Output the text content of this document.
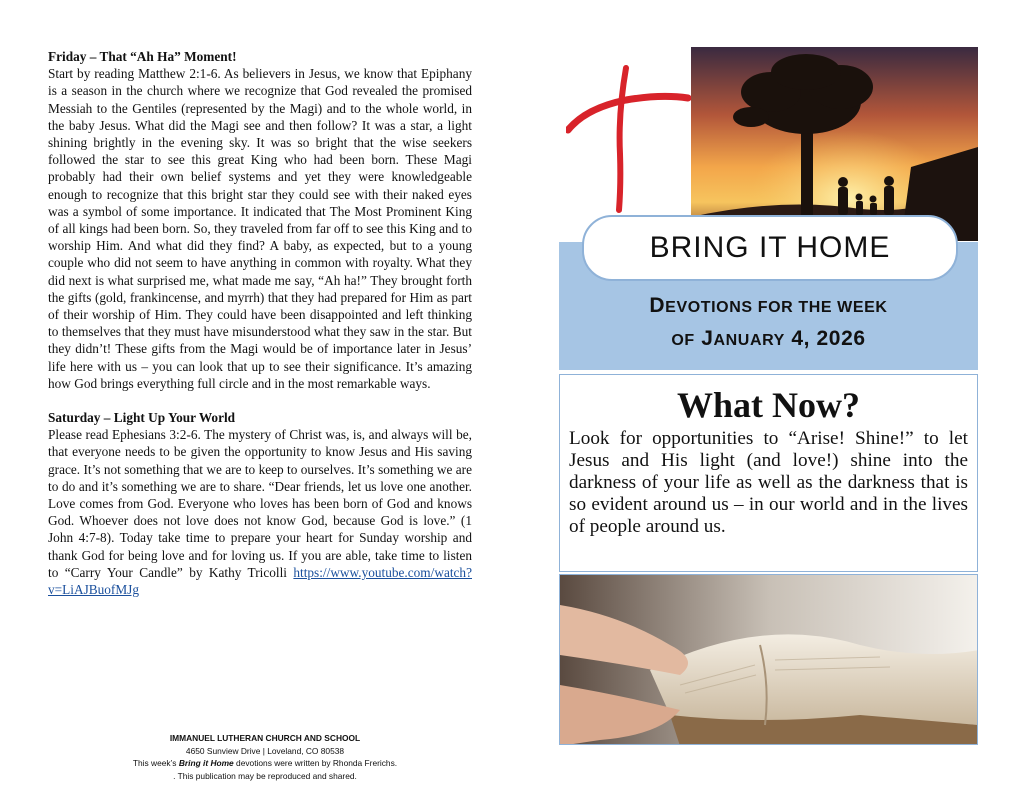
Friday – That “Ah Ha” Moment!

Start by reading Matthew 2:1-6. As believers in Jesus, we know that Epiphany is a season in the church where we recognize that God revealed the promised Messiah to the Gentiles (represented by the Magi) and to the whole world, in the baby Jesus. What did the Magi see and then follow? It was a star, a light shining brightly in the evening sky. It was so bright that the wise seekers followed the star to see this great King who had been born. These Magi probably had their own belief systems and yet they were knowledgeable enough to recognize that this bright star they could see with their naked eyes was a symbol of some importance. It indicated that The Most Prominent King of all kings had been born. So, they traveled from far off to see this King and to worship Him. And what did they find? A baby, as expected, but to a young couple who did not seem to have anything in common with royalty. What they did next is what surprised me, what made me say, “Ah ha!” They brought forth the gifts (gold, frankincense, and myrrh) that they had prepared for Him as part of their worship of Him. They could have been disappointed and left thinking to themselves that they must have misunderstood what they saw in the star. But they didn’t! These gifts from the Magi would be of importance later in Jesus’ life here with us – you can look that up to see their significance. It’s amazing how God brings everything full circle and in the most remarkable ways.

Saturday – Light Up Your World

Please read Ephesians 3:2-6. The mystery of Christ was, is, and always will be, that everyone needs to be given the opportunity to know Jesus and His saving grace. It’s not something that we are to keep to ourselves. It’s something we are to do and it’s something we are to share. “Dear friends, let us love one another. Love comes from God. Everyone who loves has been born of God and knows God. Whoever does not love does not know God, because God is love.” (1 John 4:7-8). Today take time to prepare your heart for Sunday worship and thank God for being love and for loving us. If you are able, take time to listen to “Carry Your Candle” by Kathy Tricolli https://www.youtube.com/watch?v=LiAJBuofMJg

IMMANUEL LUTHERAN CHURCH AND SCHOOL
4650 Sunview Drive | Loveland, CO 80538
This week’s Bring it Home devotions were written by Rhonda Frerichs.
. This publication may be reproduced and shared.
BRING IT HOME
DEVOTIONS FOR THE WEEK
OF JANUARY 4, 2026
What Now?
Look for opportunities to “Arise! Shine!” to let Jesus and His light (and love!) shine into the darkness of your life as well as the darkness that is so evident around us – in our world and in the lives of people around us.
